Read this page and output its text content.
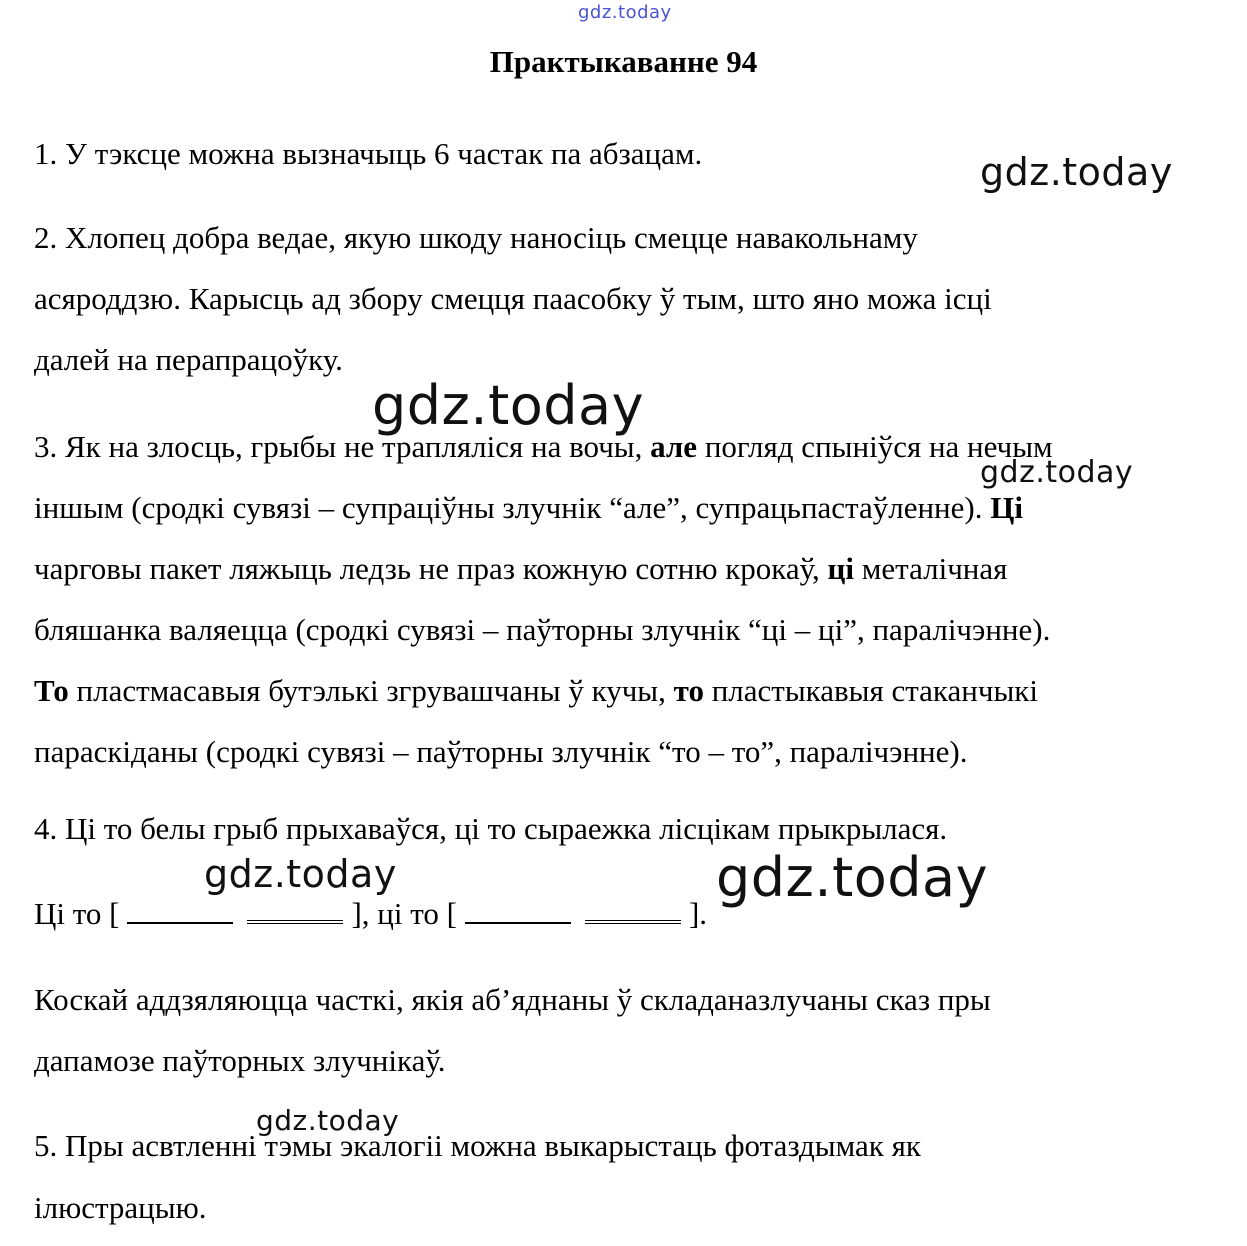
gdz.today
Практыкаванне 94
1. У тэксце можна вызначыць 6 частак па абзацам.
2. Хлопец добра ведае, якую шкоду наносіць смецце навакольнаму
асяроддзю. Карысць ад збору смецця паасобку ў тым, што яно можа ісці
далей на перапрацоўку.
3. Як на злосць, грыбы не траплялiся на вочы, але погляд спынiўся на нечым
iншым (сродкi сувязi – супрацiўны злучнiк “але”, супрацьпастаўленне). Цi
чарговы пакет ляжыць ледзь не праз кожную сотню крокаў, цi металiчная
бляшанка валяецца (сродкi сувязi – паўторны злучнiк “цi – цi”, паралiчэнне).
То пластмасавыя бутэлькi згрувашчаны ў кучы, то пластыкавыя стаканчыкi
параскiданы (сродкi сувязi – паўторны злучнiк “то – то”, паралiчэнне).
4. Цi то белы грыб прыхаваўся, цi то сыраежка лiсцiкам прыкрылася.
Цi то [	], цi то [	].
Коскай аддзяляюцца часткi, якiя аб’яднаны ў складаназлучаны сказ пры
дапамозе паўторных злучнiкаў.
5. Пры асвтленнi тэмы экалогii можна выкарыстаць фотаздымак як
iлюстрацыю.
gdz.today
gdz.today
gdz.today
gdz.today	gdz.today
gdz.today
